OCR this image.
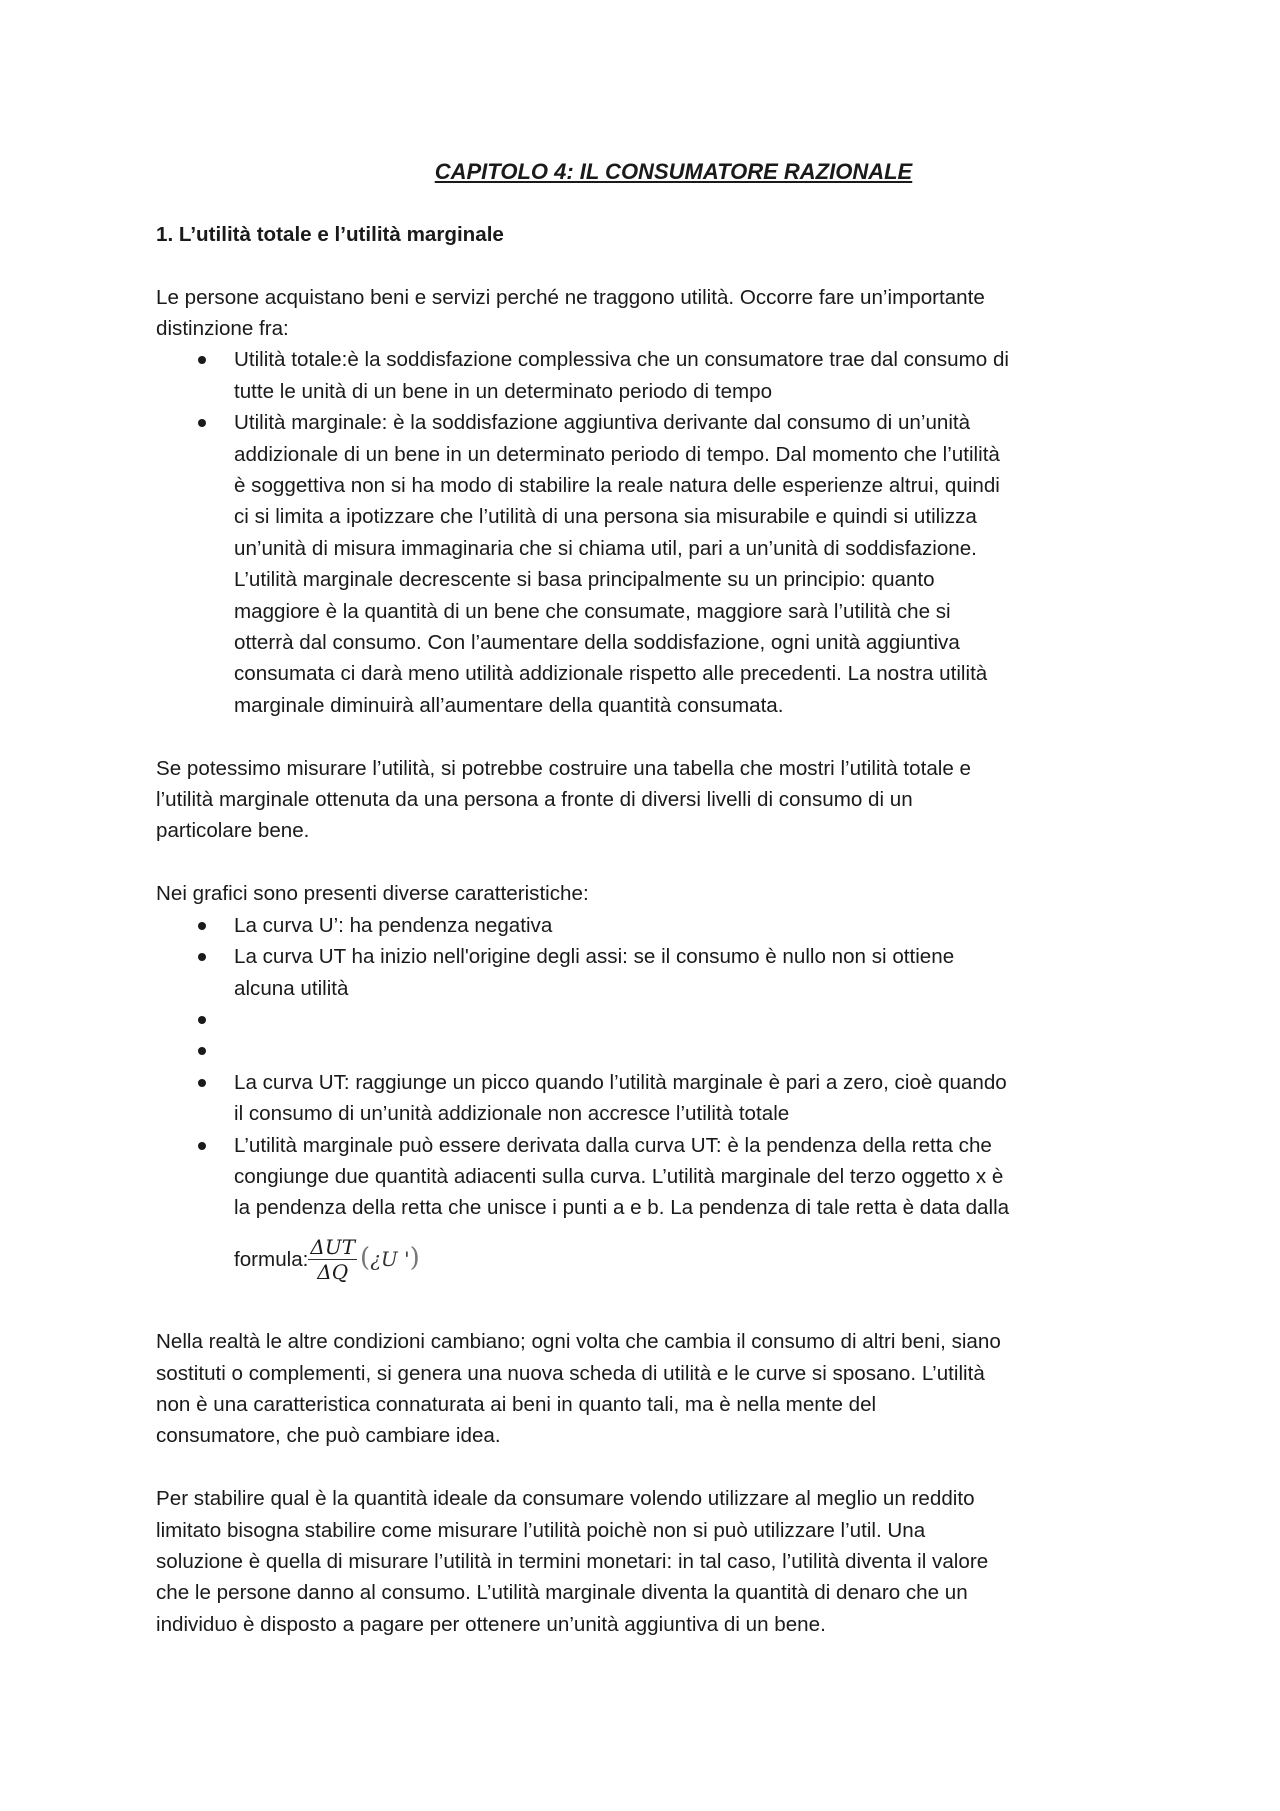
CAPITOLO 4: IL CONSUMATORE RAZIONALE
1. L’utilità totale e l’utilità marginale
Le persone acquistano beni e servizi perché ne traggono utilità. Occorre fare un’importante
distinzione fra:
Utilità totale:è la soddisfazione complessiva che un consumatore trae dal consumo di
tutte le unità di un bene in un determinato periodo di tempo
Utilità marginale: è la soddisfazione aggiuntiva derivante dal consumo di un’unità
addizionale di un bene in un determinato periodo di tempo. Dal momento che l’utilità
è soggettiva non si ha modo di stabilire la reale natura delle esperienze altrui, quindi
ci si limita a ipotizzare che l’utilità di una persona sia misurabile e quindi si utilizza
un’unità di misura immaginaria che si chiama util, pari a un’unità di soddisfazione.
L’utilità marginale decrescente si basa principalmente su un principio: quanto
maggiore è la quantità di un bene che consumate, maggiore sarà l’utilità che si
otterrà dal consumo. Con l’aumentare della soddisfazione, ogni unità aggiuntiva
consumata ci darà meno utilità addizionale rispetto alle precedenti. La nostra utilità
marginale diminuirà all’aumentare della quantità consumata.
Se potessimo misurare l’utilità, si potrebbe costruire una tabella che mostri l’utilità totale e
l’utilità marginale ottenuta da una persona a fronte di diversi livelli di consumo di un
particolare bene.
Nei grafici sono presenti diverse caratteristiche:
La curva U’: ha pendenza negativa
La curva UT ha inizio nell'origine degli assi: se il consumo è nullo non si ottiene
alcuna utilità
La curva UT: raggiunge un picco quando l’utilità marginale è pari a zero, cioè quando
il consumo di un’unità addizionale non accresce l’utilità totale
L’utilità marginale può essere derivata dalla curva UT: è la pendenza della retta che
congiunge due quantità adiacenti sulla curva. L’utilità marginale del terzo oggetto x è
la pendenza della retta che unisce i punti a e b. La pendenza di tale retta è data dalla
formula: $\frac{\text{ΔUT}}{\Delta Q}$ (¿U ')
Nella realtà le altre condizioni cambiano; ogni volta che cambia il consumo di altri beni, siano
sostituti o complementi, si genera una nuova scheda di utilità e le curve si sposano. L’utilità
non è una caratteristica connaturata ai beni in quanto tali, ma è nella mente del
consumatore, che può cambiare idea.
Per stabilire qual è la quantità ideale da consumare volendo utilizzare al meglio un reddito
limitato bisogna stabilire come misurare l’utilità poichè non si può utilizzare l’util. Una
soluzione è quella di misurare l’utilità in termini monetari: in tal caso, l’utilità diventa il valore
che le persone danno al consumo. L’utilità marginale diventa la quantità di denaro che un
individuo è disposto a pagare per ottenere un’unità aggiuntiva di un bene.
